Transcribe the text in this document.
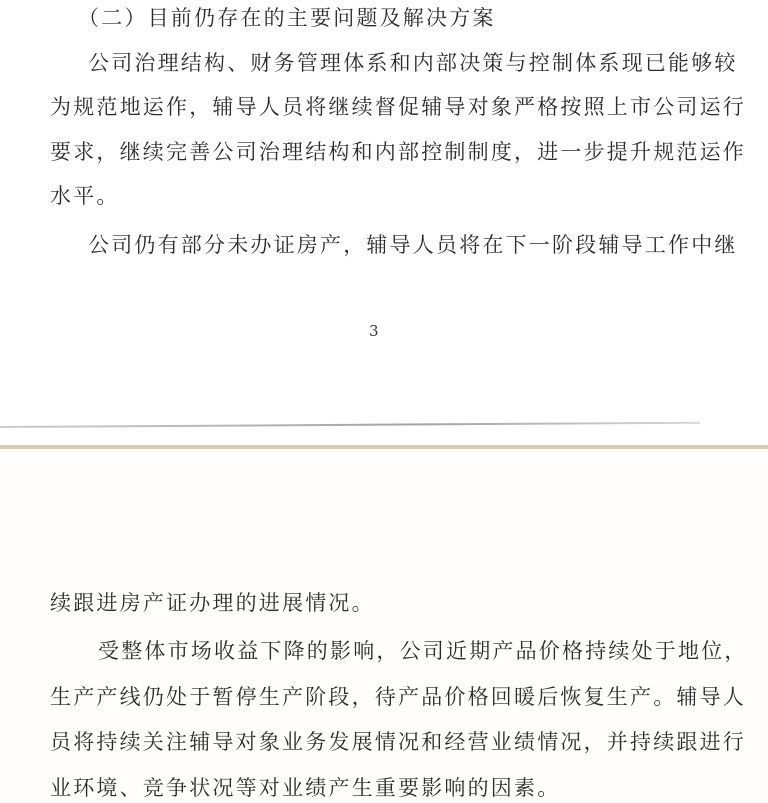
（二）目前仍存在的主要问题及解决方案
公司治理结构、财务管理体系和内部决策与控制体系现已能够较
为规范地运作，辅导人员将继续督促辅导对象严格按照上市公司运行
要求，继续完善公司治理结构和内部控制制度，进一步提升规范运作
水平。
公司仍有部分未办证房产，辅导人员将在下一阶段辅导工作中继
3
续跟进房产证办理的进展情况。
受整体市场收益下降的影响，公司近期产品价格持续处于地位，
生产产线仍处于暂停生产阶段，待产品价格回暖后恢复生产。辅导人
员将持续关注辅导对象业务发展情况和经营业绩情况，并持续跟进行
业环境、竞争状况等对业绩产生重要影响的因素。
